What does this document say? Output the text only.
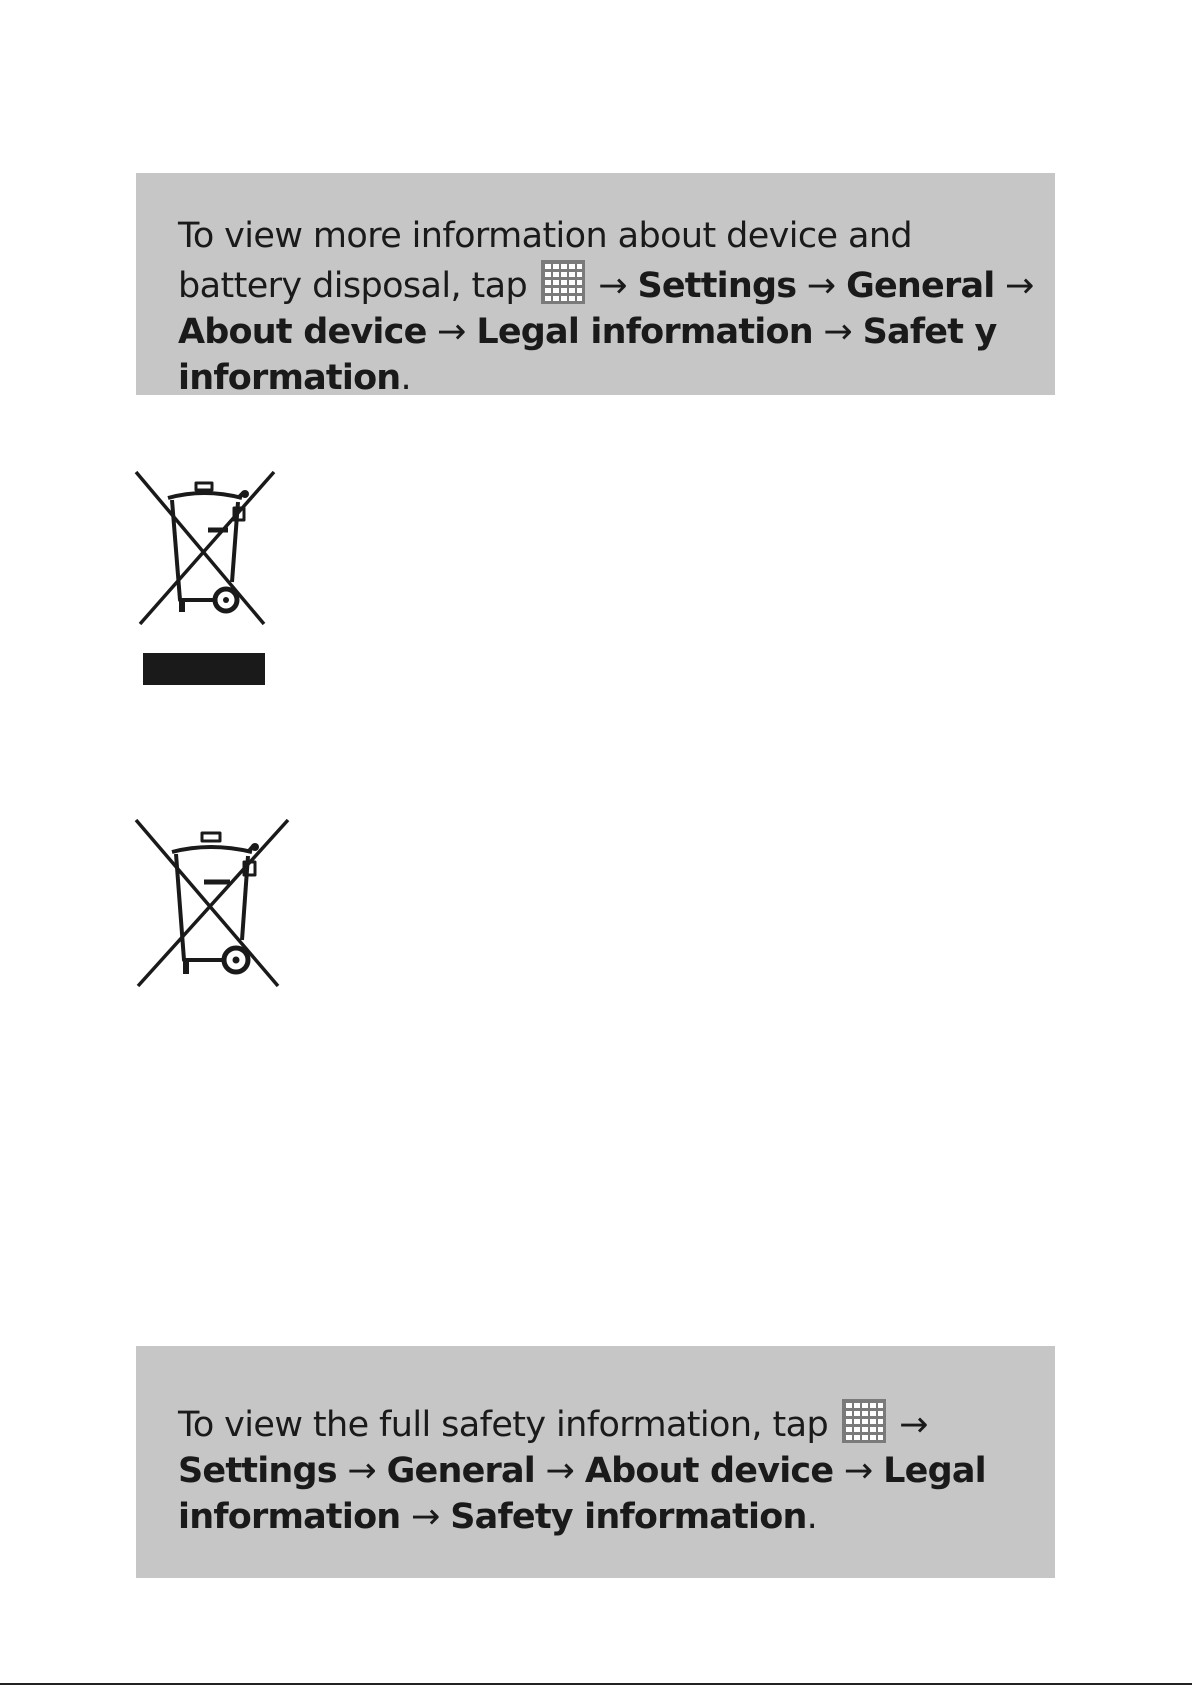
To view more information about device and battery disposal, tap → Settings → General → About device → Legal information → Safet y information.

To view the full safety information, tap → Settings → General → About device → Legal information → Safety information.
